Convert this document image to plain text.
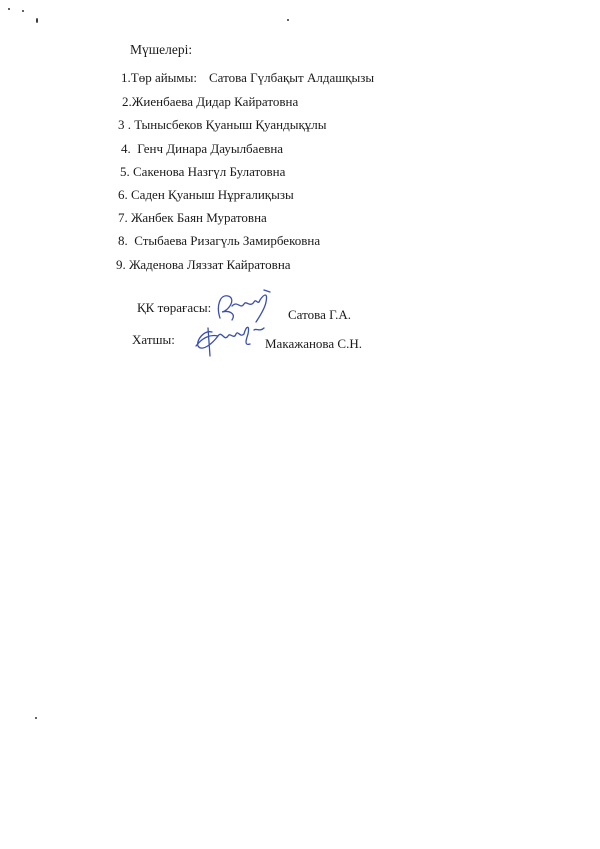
Мүшелері:
1.Төр айымы: Сатова Гүлбақыт Алдашқызы
2.Жиенбаева Дидар Кайратовна
3 . Тынысбеков Қуаныш Қуандықұлы
4. Генч Динара Дауылбаевна
5. Сакенова Назгүл Булатовна
6. Саден Қуаныш Нұрғалиқызы
7. Жанбек Баян Муратовна
8. Стыбаева Ризагүль Замирбековна
9. Жаденова Ляззат Кайратовна
ҚК төрағасы:	Сатова Г.А.
Хатшы:	Макажанова С.Н.
